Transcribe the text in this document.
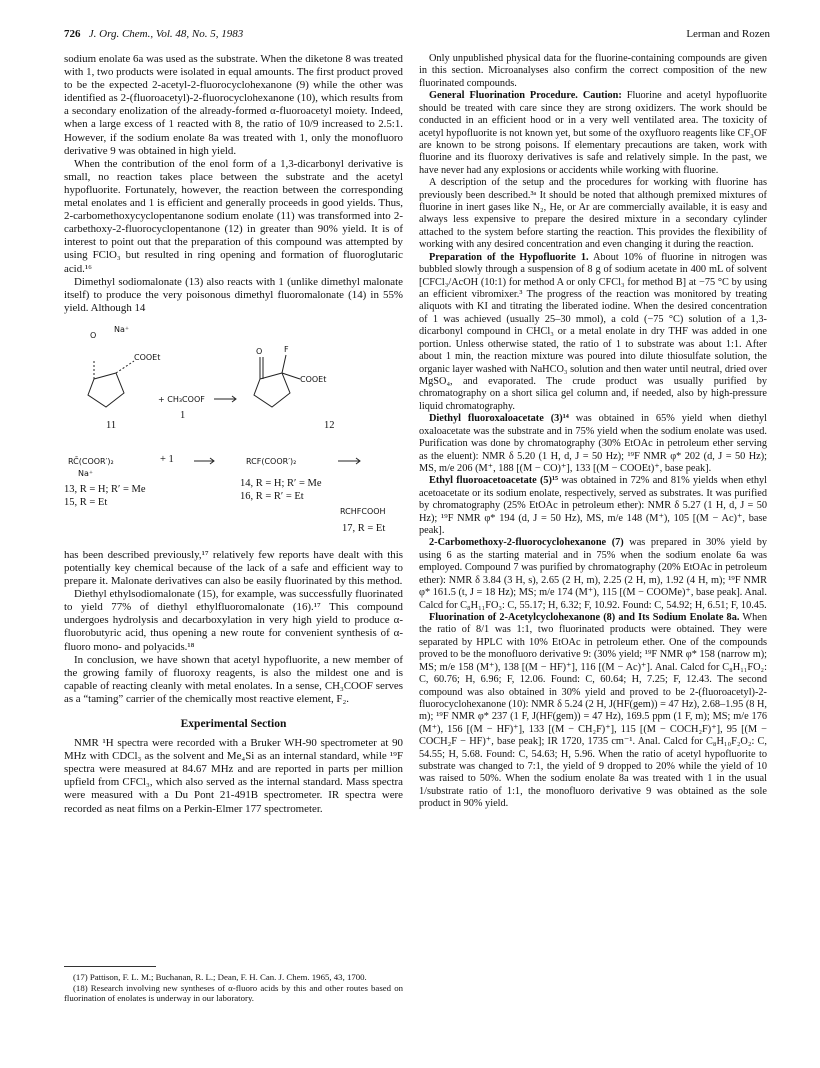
726 J. Org. Chem., Vol. 48, No. 5, 1983	Lerman and Rozen

sodium enolate 6a was used as the substrate. When the diketone 8 was treated with 1, two products were isolated in equal amounts. The first product proved to be the expected 2-acetyl-2-fluorocyclohexanone (9) while the other was identified as 2-(fluoroacetyl)-2-fluorocyclohexanone (10), which results from a secondary enolization of the already-formed α-fluoroacetyl moiety. Indeed, when a large excess of 1 reacted with 8, the ratio of 10/9 increased to 2.5:1. However, if the sodium enolate 8a was treated with 1, only the monofluoro derivative 9 was obtained in high yield.

When the contribution of the enol form of a 1,3-dicarbonyl derivative is small, no reaction takes place between the substrate and the acetyl hypofluorite. Fortunately, however, the reaction between the corresponding metal enolates and 1 is efficient and generally proceeds in good yields. Thus, 2-carbomethoxycyclopentanone sodium enolate (11) was transformed into 2-carbethoxy-2-fluorocyclopentanone (12) in greater than 90% yield. It is of interest to point out that the preparation of this compound was attempted by using FClO₃ but resulted in ring opening and formation of fluoroglutaric acid.¹⁶

Dimethyl sodiomalonate (13) also reacts with 1 (unlike dimethyl malonate itself) to produce the very poisonous dimethyl fluoromalonate (14) in 55% yield. Although 14

Na⁺
O
COOEt
+ CH₃COOF
1
O	F
COOEt
11	12
RC̄(COOR′)₂
Na⁺
+ 1	RCF(COOR′)₂
13, R = H; R′ = Me
15, R = Et
14, R = H; R′ = Me
16, R = R′ = Et
RCHFCOOH
17, R = Et

has been described previously,¹⁷ relatively few reports have dealt with this potentially key chemical because of the lack of a safe and efficient way to prepare it. Malonate derivatives can also be easily fluorinated by this method.

Diethyl ethylsodiomalonate (15), for example, was successfully fluorinated to yield 77% of diethyl ethylfluoromalonate (16).¹⁷ This compound undergoes hydrolysis and decarboxylation in very high yield to produce α-fluorobutyric acid, thus opening a new route for convenient synthesis of α-fluoro mono- and polyacids.¹⁸

In conclusion, we have shown that acetyl hypofluorite, a new member of the growing family of fluoroxy reagents, is also the mildest one and is capable of reacting cleanly with metal enolates. In a sense, CH₃COOF serves as a “taming” carrier of the chemically most reactive element, F₂.

Experimental Section

NMR ¹H spectra were recorded with a Bruker WH-90 spectrometer at 90 MHz with CDCl₃ as the solvent and Me₄Si as an internal standard, while ¹⁹F spectra were measured at 84.67 MHz and are reported in parts per million upfield from CFCl₃, which also served as the internal standard. Mass spectra were measured with a Du Pont 21-491B spectrometer. IR spectra were recorded as neat films on a Perkin-Elmer 177 spectrometer.

(17) Pattison, F. L. M.; Buchanan, R. L.; Dean, F. H. Can. J. Chem. 1965, 43, 1700.

(18) Research involving new syntheses of α-fluoro acids by this and other routes based on fluorination of enolates is underway in our laboratory.

Only unpublished physical data for the fluorine-containing compounds are given in this section. Microanalyses also confirm the correct composition of the new fluorinated compounds.

General Fluorination Procedure. Caution: Fluorine and acetyl hypofluorite should be treated with care since they are strong oxidizers. The work should be conducted in an efficient hood or in a very well ventilated area. The toxicity of acetyl hypofluorite is not known yet, but some of the oxyfluoro reagents like CF₃OF are known to be strong poisons. If elementary precautions are taken, work with fluorine and its fluoroxy derivatives is safe and relatively simple. In the past, we have never had any explosions or accidents while working with fluorine.

A description of the setup and the procedures for working with fluorine has previously been described.³ᵃ It should be noted that although premixed mixtures of fluorine in inert gases like N₂, He, or Ar are commercially available, it is easy and always less expensive to prepare the desired mixture in a secondary cylinder attached to the system before starting the reaction. This provides the flexibility of working with any desired concentration and even changing it during the reaction.

Preparation of the Hypofluorite 1. About 10% of fluorine in nitrogen was bubbled slowly through a suspension of 8 g of sodium acetate in 400 mL of solvent [CFCl₃/AcOH (10:1) for method A or only CFCl₃ for method B] at −75 °C by using an efficient vibromixer.³ The progress of the reaction was monitored by treating aliquots with KI and titrating the liberated iodine. When the desired concentration of 1 was achieved (usually 25–30 mmol), a cold (−75 °C) solution of a 1,3-dicarbonyl compound in CHCl₃ or a metal enolate in dry THF was added in one portion. Unless otherwise stated, the ratio of 1 to substrate was about 1:1. After about 1 min, the reaction mixture was poured into dilute thiosulfate solution, the organic layer washed with NaHCO₃ solution and then water until neutral, dried over MgSO₄, and evaporated. The crude product was usually purified by chromatography on a short silica gel column and, if needed, also by high-pressure liquid chromatography.

Diethyl fluoroxaloacetate (3)¹⁴ was obtained in 65% yield when diethyl oxaloacetate was the substrate and in 75% yield when the sodium enolate was used. Purification was done by chromatography (30% EtOAc in petroleum ether serving as the eluent): NMR δ 5.20 (1 H, d, J = 50 Hz); ¹⁹F NMR φ* 202 (d, J = 50 Hz); MS, m/e 206 (M⁺, 188 [(M − CO)⁺], 133 [(M − COOEt)⁺, base peak].

Ethyl fluoroacetoacetate (5)¹⁵ was obtained in 72% and 81% yields when ethyl acetoacetate or its sodium enolate, respectively, served as substrates. It was purified by chromatography (25% EtOAc in petroleum ether): NMR δ 5.27 (1 H, d, J = 50 Hz); ¹⁹F NMR φ* 194 (d, J = 50 Hz), MS, m/e 148 (M⁺), 105 [(M − Ac)⁺, base peak].

2-Carbomethoxy-2-fluorocyclohexanone (7) was prepared in 30% yield by using 6 as the starting material and in 75% when the sodium enolate 6a was employed. Compound 7 was purified by chromatography (20% EtOAc in petroleum ether): NMR δ 3.84 (3 H, s), 2.65 (2 H, m), 2.25 (2 H, m), 1.92 (4 H, m); ¹⁹F NMR φ* 161.5 (t, J = 18 Hz); MS; m/e 174 (M⁺), 115 [(M − COOMe)⁺, base peak]. Anal. Calcd for C₈H₁₁FO₃: C, 55.17; H, 6.32; F, 10.92. Found: C, 54.92; H, 6.51; F, 10.45.

Fluorination of 2-Acetylcyclohexanone (8) and Its Sodium Enolate 8a. When the ratio of 8/1 was 1:1, two fluorinated products were obtained. They were separated by HPLC with 10% EtOAc in petroleum ether. One of the compounds proved to be the monofluoro derivative 9: (30% yield; ¹⁹F NMR φ* 158 (narrow m); MS; m/e 158 (M⁺), 138 [(M − HF)⁺], 116 [(M − Ac)⁺]. Anal. Calcd for C₈H₁₁FO₂: C, 60.76; H, 6.96; F, 12.06. Found: C, 60.64; H, 7.25; F, 12.43. The second compound was also obtained in 30% yield and proved to be 2-(fluoroacetyl)-2-fluorocyclohexanone (10): NMR δ 5.24 (2 H, J(HF(gem)) = 47 Hz), 2.68–1.95 (8 H, m); ¹⁹F NMR φ* 237 (1 F, J(HF(gem)) = 47 Hz), 169.5 ppm (1 F, m); MS; m/e 176 (M⁺), 156 [(M − HF)⁺], 133 [(M − CH₂F)⁺], 115 [(M − COCH₂F)⁺], 95 [(M − COCH₂F − HF)⁺, base peak]; IR 1720, 1735 cm⁻¹. Anal. Calcd for C₈H₁₀F₂O₂: C, 54.55; H, 5.68. Found: C, 54.63; H, 5.96. When the ratio of acetyl hypofluorite to substrate was changed to 7:1, the yield of 9 dropped to 20% while the yield of 10 was raised to 50%. When the sodium enolate 8a was treated with 1 in the usual 1/substrate ratio of 1:1, the monofluoro derivative 9 was obtained as the sole product in 90% yield.
